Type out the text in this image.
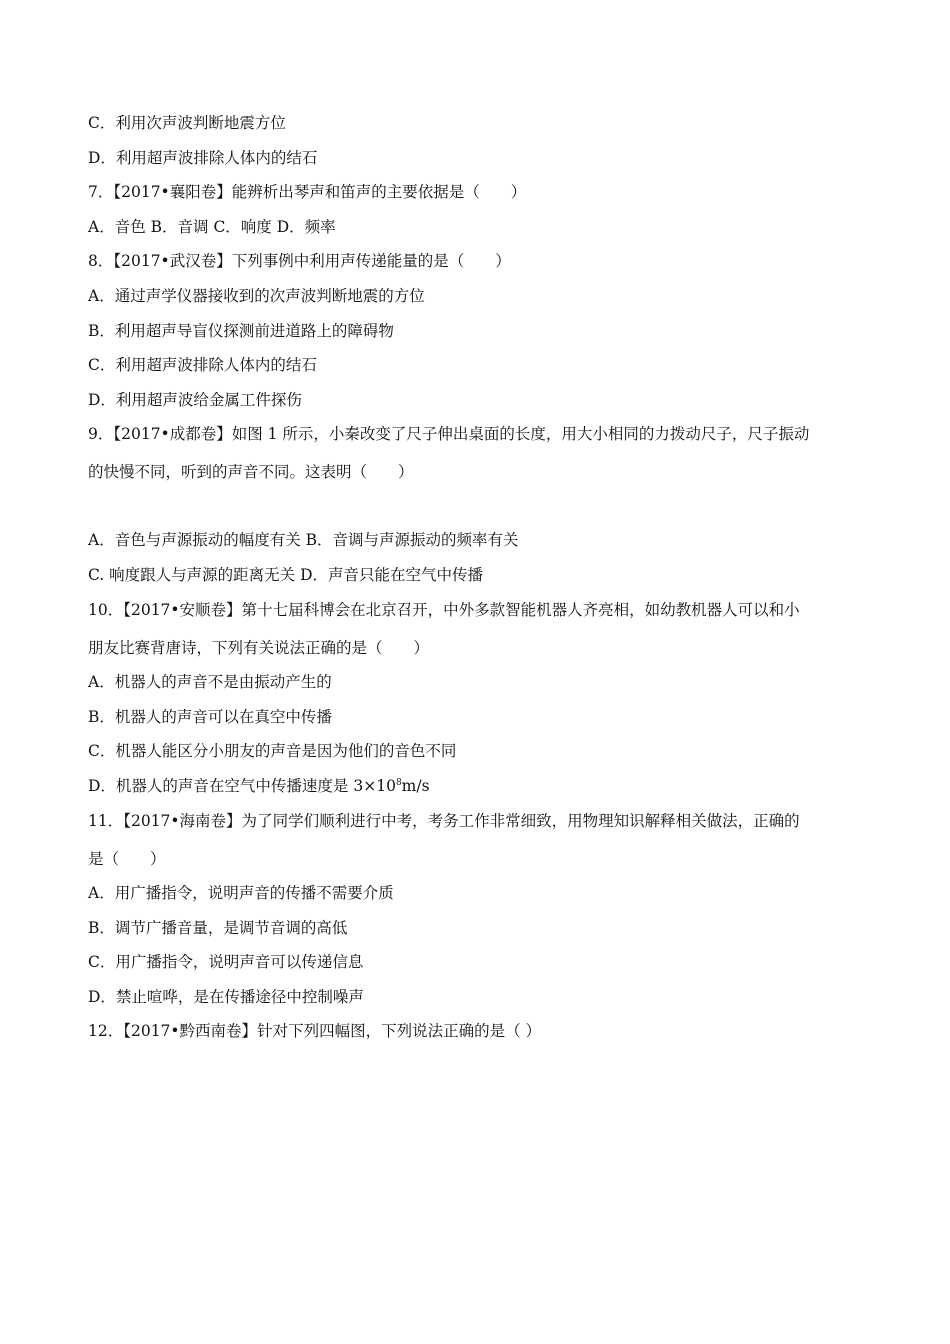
C．利用次声波判断地震方位

D．利用超声波排除人体内的结石

7．【2017•襄阳卷】能辨析出琴声和笛声的主要依据是（　　）

A．音色 B．音调 C．响度 D．频率

8．【2017•武汉卷】下列事例中利用声传递能量的是（　　）

A．通过声学仪器接收到的次声波判断地震的方位

B．利用超声导盲仪探测前进道路上的障碍物

C．利用超声波排除人体内的结石

D．利用超声波给金属工件探伤

9．【2017•成都卷】如图 1 所示，小秦改变了尺子伸出桌面的长度，用大小相同的力拨动尺子，尺子振动

的快慢不同，听到的声音不同。这表明（　　）

A．音色与声源振动的幅度有关 B．音调与声源振动的频率有关

C. 响度跟人与声源的距离无关 D．声音只能在空气中传播

10．【2017•安顺卷】第十七届科博会在北京召开，中外多款智能机器人齐亮相，如幼教机器人可以和小

朋友比赛背唐诗，下列有关说法正确的是（　　）

A．机器人的声音不是由振动产生的

B．机器人的声音可以在真空中传播

C．机器人能区分小朋友的声音是因为他们的音色不同

D．机器人的声音在空气中传播速度是 $3\times 10^8m/s$

11．【2017•海南卷】为了同学们顺利进行中考，考务工作非常细致，用物理知识解释相关做法，正确的

是（　　）

A．用广播指令，说明声音的传播不需要介质

B．调节广播音量，是调节音调的高低

C．用广播指令，说明声音可以传递信息

D．禁止喧哗，是在传播途径中控制噪声

12．【2017•黔西南卷】针对下列四幅图，下列说法正确的是（ ）
